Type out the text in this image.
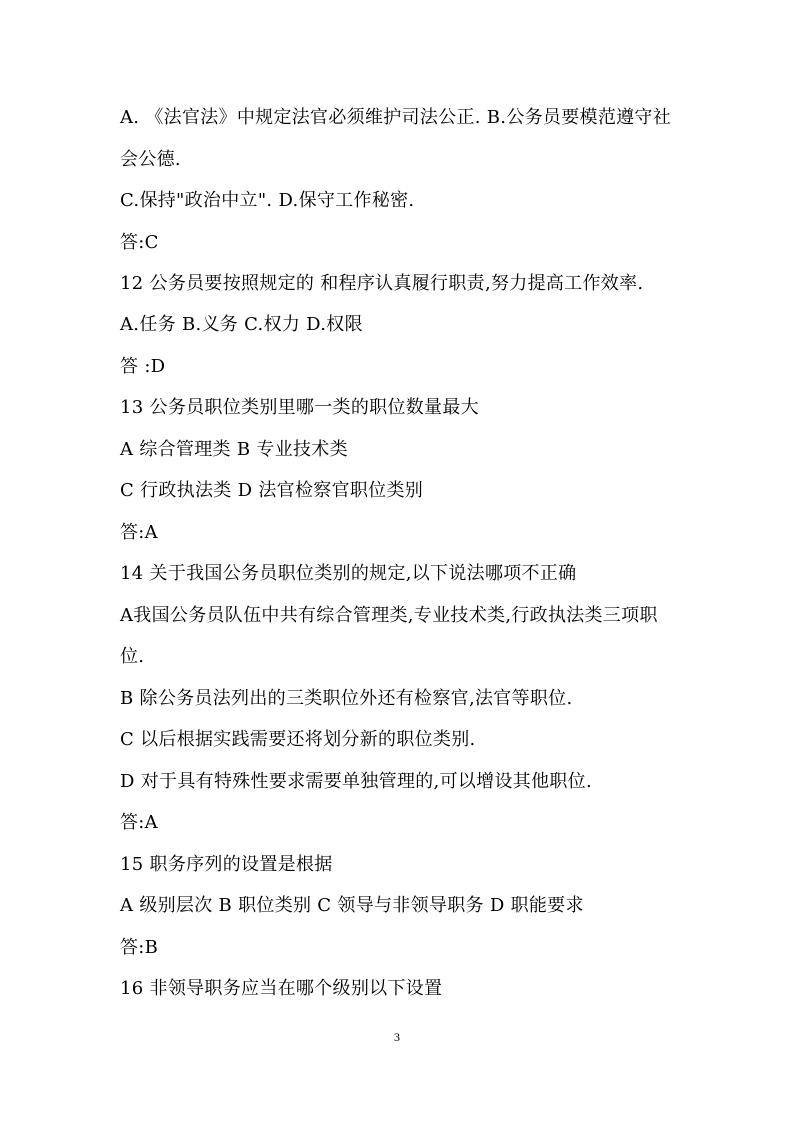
A. 《法官法》中规定法官必须维护司法公正. B.公务员要模范遵守社
会公德.
C.保持"政治中立". D.保守工作秘密.
答:C
12 公务员要按照规定的 和程序认真履行职责,努力提高工作效率.
A.任务 B.义务 C.权力 D.权限
答 :D
13 公务员职位类别里哪一类的职位数量最大
A 综合管理类 B 专业技术类
C 行政执法类 D 法官检察官职位类别
答:A
14 关于我国公务员职位类别的规定,以下说法哪项不正确
A我国公务员队伍中共有综合管理类,专业技术类,行政执法类三项职
位.
B 除公务员法列出的三类职位外还有检察官,法官等职位.
C 以后根据实践需要还将划分新的职位类别.
D 对于具有特殊性要求需要单独管理的,可以增设其他职位.
答:A
15 职务序列的设置是根据
A 级别层次 B 职位类别 C 领导与非领导职务 D 职能要求
答:B
16 非领导职务应当在哪个级别以下设置
3
